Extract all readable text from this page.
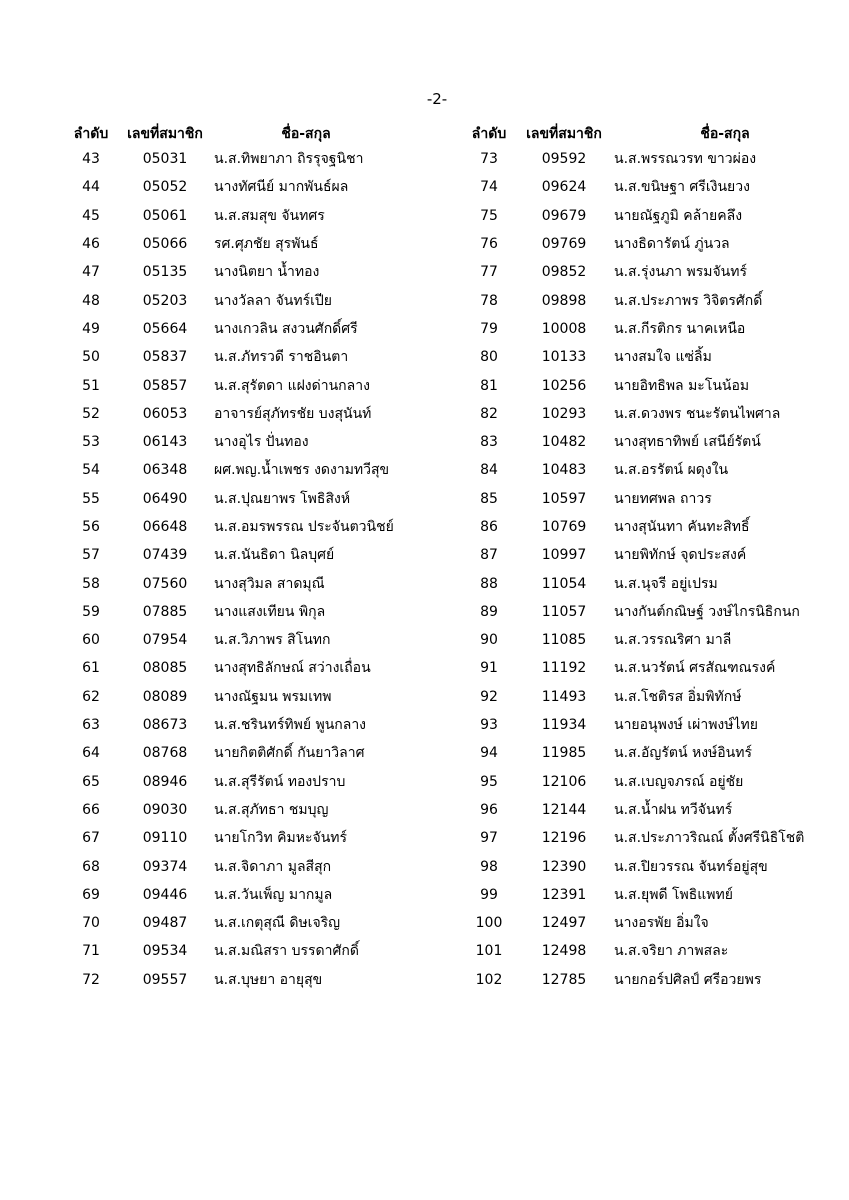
-2-
ลำดับ	เลขที่สมาชิก	ชื่อ-สกุล
43	05031	น.ส.ทิพยาภา ถิรรุจฐนิชา
44	05052	นางทัศนีย์ มากพันธ์ผล
45	05061	น.ส.สมสุข จันทศร
46	05066	รศ.ศุภชัย สุรพันธ์
47	05135	นางนิตยา น้ำทอง
48	05203	นางวัลลา จันทร์เปีย
49	05664	นางเกวลิน สงวนศักดิ์ศรี
50	05837	น.ส.ภัทรวดี ราชอินตา
51	05857	น.ส.สุรัตดา แฝงด่านกลาง
52	06053	อาจารย์สุภัทรชัย บงสุนันท์
53	06143	นางอุไร ปั่นทอง
54	06348	ผศ.พญ.น้ำเพชร งดงามทวีสุข
55	06490	น.ส.ปุณยาพร โพธิสิงห์
56	06648	น.ส.อมรพรรณ ประจันตวนิชย์
57	07439	น.ส.นันธิดา นิลบุศย์
58	07560	นางสุวิมล สาดมุณี
59	07885	นางแสงเทียน พิกุล
60	07954	น.ส.วิภาพร สิโนทก
61	08085	นางสุทธิลักษณ์ สว่างเถื่อน
62	08089	นางณัฐมน พรมเทพ
63	08673	น.ส.ชรินทร์ทิพย์ พูนกลาง
64	08768	นายกิตติศักดิ์ กันยาวิลาศ
65	08946	น.ส.สุรีรัตน์ ทองปราบ
66	09030	น.ส.สุภัทธา ชมบุญ
67	09110	นายโกวิท คิมหะจันทร์
68	09374	น.ส.จิดาภา มูลสีสุก
69	09446	น.ส.วันเพ็ญ มากมูล
70	09487	น.ส.เกตุสุณี ดิษเจริญ
71	09534	น.ส.มณิสรา บรรดาศักดิ์
72	09557	น.ส.บุษยา อายุสุข
ลำดับ	เลขที่สมาชิก	ชื่อ-สกุล
73	09592	น.ส.พรรณวรท ขาวผ่อง
74	09624	น.ส.ขนิษฐา ศรีเงินยวง
75	09679	นายณัฐภูมิ คล้ายคลึง
76	09769	นางธิดารัตน์ ภู่นวล
77	09852	น.ส.รุ่งนภา พรมจันทร์
78	09898	น.ส.ประภาพร วิจิตรศักดิ์
79	10008	น.ส.กีรติกร นาคเหนือ
80	10133	นางสมใจ แซ่ลิ้ม
81	10256	นายอิทธิพล มะโนน้อม
82	10293	น.ส.ดวงพร ชนะรัตนไพศาล
83	10482	นางสุทธาทิพย์ เสนีย์รัตน์
84	10483	น.ส.อรรัตน์ ผดุงใน
85	10597	นายทศพล ถาวร
86	10769	นางสุนันทา คันทะสิทธิ์
87	10997	นายพิทักษ์ จุดประสงค์
88	11054	น.ส.นุจรี อยู่เปรม
89	11057	นางกันต์กณิษฐ์ วงษ์ไกรนิธิกนก
90	11085	น.ส.วรรณริศา มาลี
91	11192	น.ส.นวรัตน์ ศรสัณฑณรงค์
92	11493	น.ส.โชติรส อิ่มพิทักษ์
93	11934	นายอนุพงษ์ เผ่าพงษ์ไทย
94	11985	น.ส.อัญรัตน์ หงษ์อินทร์
95	12106	น.ส.เบญจภรณ์ อยู่ชัย
96	12144	น.ส.น้ำฝน ทวีจันทร์
97	12196	น.ส.ประภาวริณณ์ ตั้งศรีนิธิโชติ
98	12390	น.ส.ปิยวรรณ จันทร์อยู่สุข
99	12391	น.ส.ยุพดี โพธิแพทย์
100	12497	นางอรพัย อิ่มใจ
101	12498	น.ส.จริยา ภาพสละ
102	12785	นายกอร์ปศิลป์ ศรีอวยพร
